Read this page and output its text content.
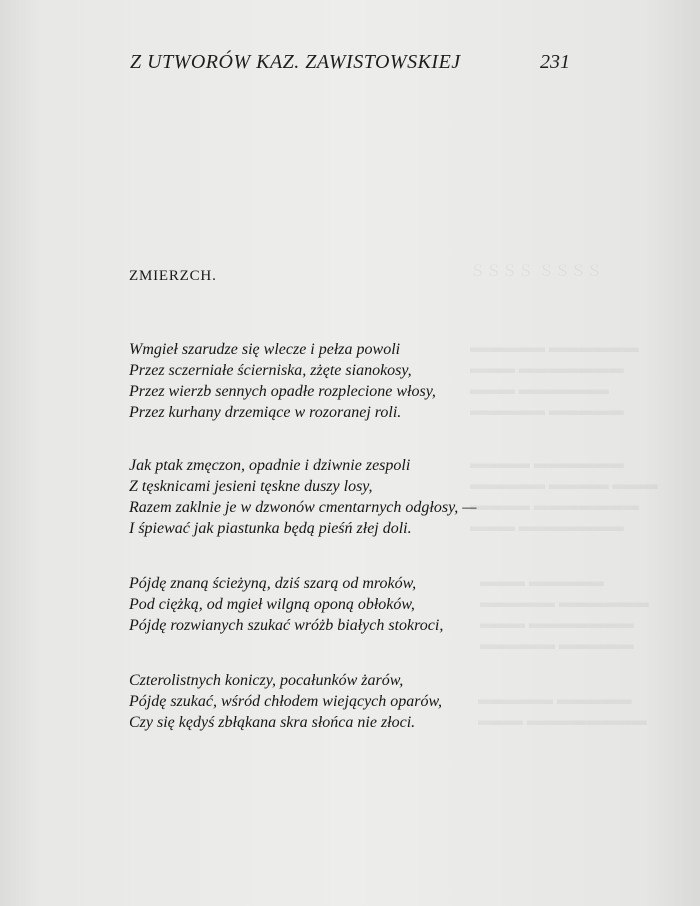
Z UTWORÓW KAZ. ZAWISTOWSKIEJ	231
ZMIERZCH.
Wmgieł szarudze się wlecze i pełza powoli
Przez sczerniałe ścierniska, zżęte sianokosy,
Przez wierzb sennych opadłe rozplecione włosy,
Przez kurhany drzemiące w rozoranej roli.
Jak ptak zmęczon, opadnie i dziwnie zespoli
Z tęsknicami jesieni tęskne duszy losy,
Razem zaklnie je w dzwonów cmentarnych odgłosy, —
I śpiewać jak piastunka będą pieśń złej doli.
Pójdę znaną ścieżyną, dziś szarą od mroków,
Pod ciężką, od mgieł wilgną oponą obłoków,
Pójdę rozwianych szukać wróżb białych stokroci,
Czterolistnych koniczy, pocałunków żarów,
Pójdę szukać, wśród chłodem wiejących oparów,
Czy się kędyś zbłąkana skra słońca nie złoci.
